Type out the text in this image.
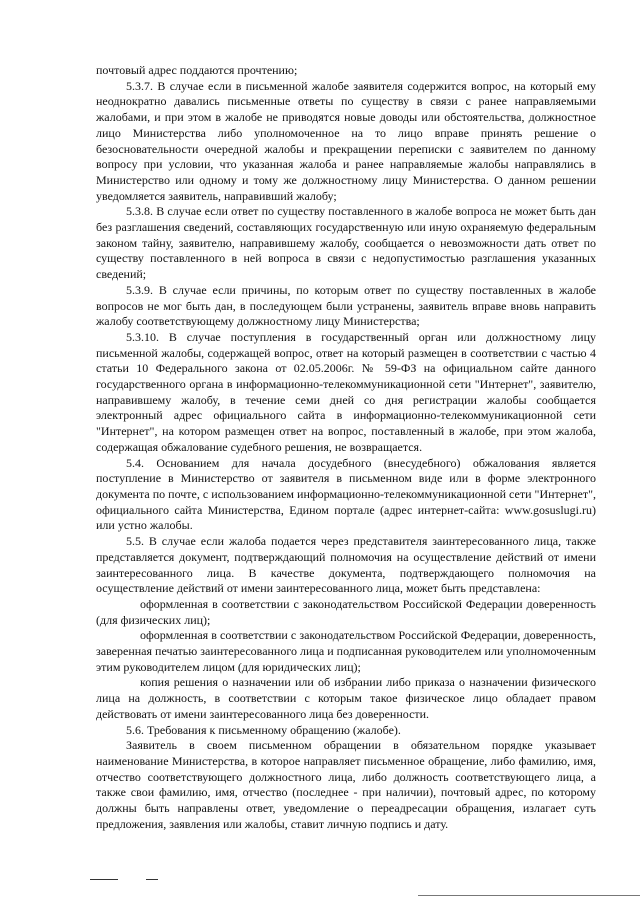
почтовый адрес поддаются прочтению;

5.3.7. В случае если в письменной жалобе заявителя содержится вопрос, на который ему неоднократно давались письменные ответы по существу в связи с ранее направляемыми жалобами, и при этом в жалобе не приводятся новые доводы или обстоятельства, должностное лицо Министерства либо уполномоченное на то лицо вправе принять решение о безосновательности очередной жалобы и прекращении переписки с заявителем по данному вопросу при условии, что указанная жалоба и ранее направляемые жалобы направлялись в Министерство или одному и тому же должностному лицу Министерства. О данном решении уведомляется заявитель, направивший жалобу;

5.3.8. В случае если ответ по существу поставленного в жалобе вопроса не может быть дан без разглашения сведений, составляющих государственную или иную охраняемую федеральным законом тайну, заявителю, направившему жалобу, сообщается о невозможности дать ответ по существу поставленного в ней вопроса в связи с недопустимостью разглашения указанных сведений;

5.3.9. В случае если причины, по которым ответ по существу поставленных в жалобе вопросов не мог быть дан, в последующем были устранены, заявитель вправе вновь направить жалобу соответствующему должностному лицу Министерства;

5.3.10. В случае поступления в государственный орган или должностному лицу письменной жалобы, содержащей вопрос, ответ на который размещен в соответствии с частью 4 статьи 10 Федерального закона от 02.05.2006г. № 59-ФЗ на официальном сайте данного государственного органа в информационно-телекоммуникационной сети "Интернет", заявителю, направившему жалобу, в течение семи дней со дня регистрации жалобы сообщается электронный адрес официального сайта в информационно-телекоммуникационной сети "Интернет", на котором размещен ответ на вопрос, поставленный в жалобе, при этом жалоба, содержащая обжалование судебного решения, не возвращается.

5.4. Основанием для начала досудебного (внесудебного) обжалования является поступление в Министерство от заявителя в письменном виде или в форме электронного документа по почте, с использованием информационно-телекоммуникационной сети "Интернет", официального сайта Министерства, Едином портале (адрес интернет-сайта: www.gosuslugi.ru) или устно жалобы.

5.5. В случае если жалоба подается через представителя заинтересованного лица, также представляется документ, подтверждающий полномочия на осуществление действий от имени заинтересованного лица. В качестве документа, подтверждающего полномочия на осуществление действий от имени заинтересованного лица, может быть представлена:

оформленная в соответствии с законодательством Российской Федерации доверенность (для физических лиц);

оформленная в соответствии с законодательством Российской Федерации, доверенность, заверенная печатью заинтересованного лица и подписанная руководителем или уполномоченным этим руководителем лицом (для юридических лиц);

копия решения о назначении или об избрании либо приказа о назначении физического лица на должность, в соответствии с которым такое физическое лицо обладает правом действовать от имени заинтересованного лица без доверенности.

5.6. Требования к письменному обращению (жалобе).

Заявитель в своем письменном обращении в обязательном порядке указывает наименование Министерства, в которое направляет письменное обращение, либо фамилию, имя, отчество соответствующего должностного лица, либо должность соответствующего лица, а также свои фамилию, имя, отчество (последнее - при наличии), почтовый адрес, по которому должны быть направлены ответ, уведомление о переадресации обращения, излагает суть предложения, заявления или жалобы, ставит личную подпись и дату.
